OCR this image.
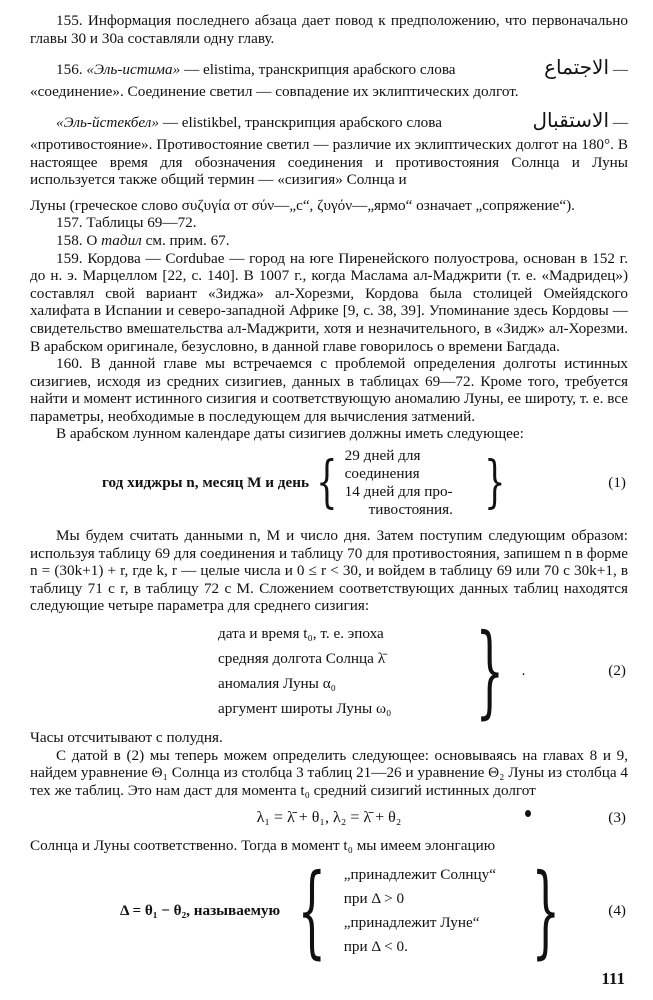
155. Информация последнего абзаца дает повод к предположению, что первоначально главы 30 и 30а составляли одну главу.

156. «Эль-истима» — elistima, транскрипция арабского слова	الاجتماع —

«соединение». Соединение светил — совпадение их эклиптических долгот.

«Эль-йстекбел» — elistikbel, транскрипция арабского слова	الاستقبال —

«противостояние». Противостояние светил — различие их эклиптических долгот на 180°. В настоящее время для обозначения соединения и противостояния Солнца и Луны используется также общий термин — «сизигия» Солнца и

Луны (греческое слово συζυγία от σύν—„с“, ζυγόν—„ярмо“ означает „сопряжение“).

157. Таблицы 69—72.

158. О тадил см. прим. 67.

159. Кордова — Cordubae — город на юге Пиренейского полуострова, основан в 152 г. до н. э. Марцеллом [22, с. 140]. В 1007 г., когда Маслама ал-Маджрити (т. е. «Мадридец») составлял свой вариант «Зиджа» ал-Хорезми, Кордова была столицей Омейядского халифата в Испании и северо-западной Африке [9, с. 38, 39]. Упоминание здесь Кордовы — свидетельство вмешательства ал-Маджрити, хотя и незначительного, в «Зидж» ал-Хорезми. В арабском оригинале, безусловно, в данной главе говорилось о времени Багдада.

160. В данной главе мы встречаемся с проблемой определения долготы истинных сизигиев, исходя из средних сизигиев, данных в таблицах 69—72. Кроме того, требуется найти и момент истинного сизигия и соответствующую аномалию Луны, ее широту, т. е. все параметры, необходимые в последующем для вычисления затмений.

В арабском лунном календаре даты сизигиев должны иметь следующее:

год хиджры n, месяц M и день { 29 дней для соединения
14 дней для про-
тивостояния. }	(1)

Мы будем считать данными n, M и число дня. Затем поступим следующим образом: используя таблицу 69 для соединения и таблицу 70 для противостояния, запишем n в форме n = (30k+1) + r, где k, r — целые числа и 0 ≤ r < 30, и войдем в таблицу 69 или 70 с 30k+1, в таблицу 71 с r, в таблицу 72 с M. Сложением соответствующих данных таблиц находятся следующие четыре параметра для среднего сизигия:

дата и время t₀, т. е. эпоха
средняя долгота Солнца λ̄
аномалия Луны α₀
аргумент широты Луны ω₀ } .	(2)

Часы отсчитывают с полудня.

С датой в (2) мы теперь можем определить следующее: основываясь на главах 8 и 9, найдем уравнение Θ₁ Солнца из столбца 3 таблиц 21—26 и уравнение Θ₂ Луны из столбца 4 тех же таблиц. Это нам даст для момента t₀ средний сизигий истинных долгот

λ₁ = λ̄ + θ₁, λ₂ = λ̄ + θ₂	(3)

Солнца и Луны соответственно. Тогда в момент t₀ мы имеем элонгацию

Δ = θ₁ − θ₂, называемую { „принадлежит Солнцу“
при Δ > 0
„принадлежит Луне“
при Δ < 0.	}	(4)
111
